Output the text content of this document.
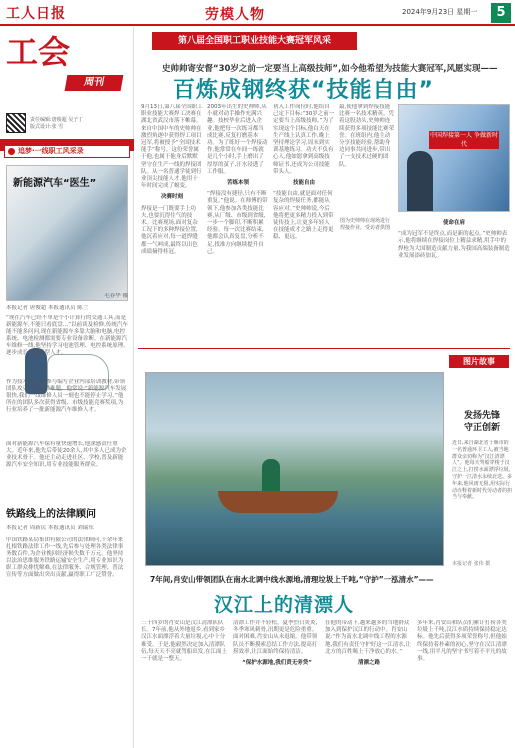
工人日报	劳模人物	2024年9月23日 星期一	5
工会
周刊
责任编辑:唐俊超 吴子丁
版式设计:张 雪
追梦·一线职工风采录
新能源汽车“医生”
毛春华 摄
本报记者 唐俊超 本报通讯员 陈兰
“现在汽车已经不单是个小计算行的交通工具,而是新能源车,不能只看底盘…”以前谈及检修,传统汽车能不能多问问,现在新能源车多靠大脑和电脑,电控系统、电池检测都需要专业设备诊断。在新能源汽车维修一线,他坚持学习电池管理、电控系统原理,逐步成长为技能型人才。
作为技术骨干,他参与编写企业内部培训教材,带领团队攻克多项技术难题。他常说:“新能源汽车发展很快,我们一线维修人员一刻也不能停止学习。”他所在的团队多次获得省级、市级技能竞赛奖项,为行业培养了一批新能源汽车维修人才。
面对新能源汽车保有量快速增长,他深感责任重大。近年来,他先后带徒20余人,其中多人已成为企业技术骨干。他还主动走进社区、学校,普及新能源汽车安全知识,用专业技能服务群众。
铁路线上的法律顾问
本报记者 周新民 本报通讯员 刘瑞东
中国铁路某局集团有限公司的法律顾问,十余年来扎根铁路法律工作一线,先后参与处理各类法律事务数百件,为企业挽回经济损失数千万元。他坚持以法治思维服务铁路运输安全生产,用专业知识为职工群众排忧解难,在法律服务、合规管理、普法宣传等方面做出突出贡献,赢得职工广泛赞誉。
第八届全国职工职业技能大赛冠军风采
史帅帅寄安督“30岁之前一定要当上高级技师”,如今他希望为技能大赛冠军,风愿实现——
百炼成钢终获“技能自由”
9月13日,第八届全国职工职业技能大赛焊工决赛在湖北省武汉市落下帷幕。来自中国中车的史帅帅在激烈角逐中获得焊工项目冠军,将被授予“全国技术能手”称号。这份荣誉属于他,也属于他身后默默坚守在生产一线的焊接团队。从一名普通学徒到行业顶尖技能人才,他用十年时间完成了蜕变。
决赛时刻
焊接是一门既要手上功夫,也要沉得住气的技术。比赛现场,面对复杂工况下的多种焊接位置,他沉着应对,每一道焊缝都一气呵成,最终以出色成绩摘得桂冠。
2003年出生的史帅帅,从小就对动手操作充满兴趣。技校毕业后进入企业,他把每一次练习都当成比赛,反复打磨基本功。为了练好一个焊接动作,他常常在车间一练就是几个小时,手上磨出了厚厚的茧子,汗水浸透了工作服。
苦练本领
“焊接没有捷径,只有不断重复。”他说。在师傅的带领下,他参加各类技能比赛,从厂级、市级到省级,一步一个脚印,不断积累经验。每一次比赛结束,他都会认真复盘,分析不足,找准方向继续提升自己。
初入工作岗位时,他给自己定下目标:“30岁之前一定要当上高级技师。”为了实现这个目标,他白天在生产线上认真工作,晚上坚持理论学习,周末到实训基地练习。功夫不负有心人,他如愿拿到高级技师证书,还成为公司技能带头人。
技能自由
“技能自由,就是面对任何复杂的焊接任务,都能从容应对。”史帅帅说,今后他将把更多精力投入到带徒传技上,让更多年轻人在技能成才之路上走得更稳、更远。
最,使他拿到焊接技能比赛一名技术精英。凭着这股劲头,史帅帅连续获得多项技能比赛荣誉。在班组内,他主动分享技能经验,帮助身边同事共同进步,带出了一支技术过硬的团队。
中国焊接第一人 争做新时代
使命在肩
“成为冠军不是终点,而是新的起点。”史帅帅表示,他将继续在焊接岗位上精益求精,用手中的焊枪为大国制造贡献力量,为我国高端装备制造业发展添砖加瓦。
图为史帅帅在现场进行焊接作业。受访者供图
图片故事
发扬先锋守正创新
近日,来自湖北省十堰市的一名普通环卫工人,被当地群众亲切称为“汉江清漂人”。他每天驾船穿梭于汉江之上,打捞水面漂浮垃圾,守护一江清水永续北送。多年来,他风雨无阻,用实际行动诠释着新时代劳动者的担当与奉献。
本报记者 张伟 摄
7年间,肖安山带领团队在南水北调中线水源地,清理垃圾上千吨,“守护”一泓清水”——
汉江上的清漂人
三十四岁的肖安山是汉江清漂队队长。7年前,他从外地返乡,看到家乡汉江水面漂浮着大量垃圾,心中十分难受。于是,他毅然决定加入清漂队伍,每天天不亮就驾船出发,在江面上一干就是一整天。
清漂工作并不轻松。夏季烈日炎炎,冬季寒风刺骨,汛期更是危险重重。面对困难,肖安山从未退缩。他带领队员不断摸索总结工作方法,提高打捞效率,让江面始终保持清洁。
“保护水源地,我们责无旁贷”
在他的带动下,越来越多的当地群众加入到保护汉江的行动中。肖安山说:“作为南水北调中线工程的水源地,我们有责任守护好这一江清水,让北方的百姓喝上干净放心的水。”
清漂之路
多年来,肖安山和队员们累计打捞各类垃圾上千吨,汉江水质持续保持稳定达标。他先后获得多项荣誉称号,但他始终保持着朴素的初心,坚守在汉江清漂一线,用平凡的坚守书写着不平凡的故事。
